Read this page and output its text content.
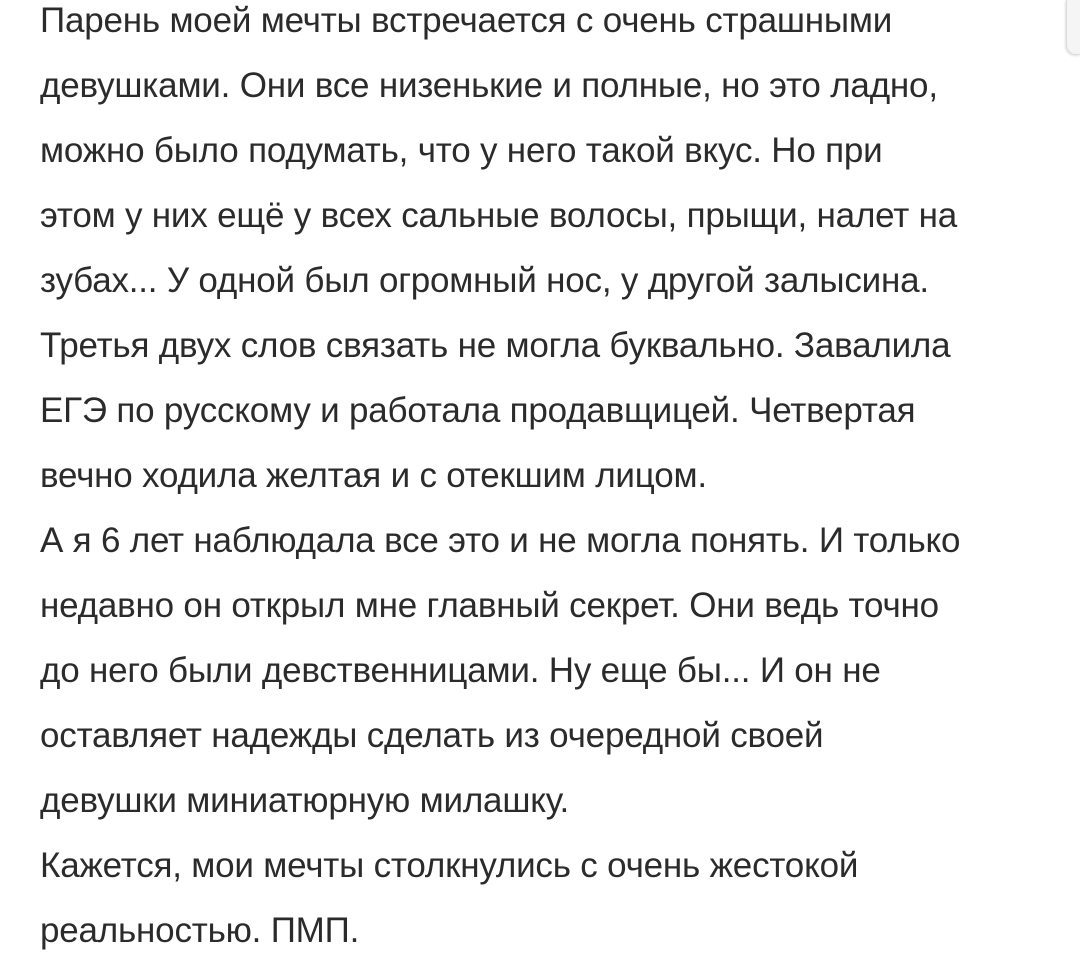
Парень моей мечты встречается с очень страшными
девушками. Они все низенькие и полные, но это ладно,
можно было подумать, что у него такой вкус. Но при
этом у них ещё у всех сальные волосы, прыщи, налет на
зубах... У одной был огромный нос, у другой залысина.
Третья двух слов связать не могла буквально. Завалила
ЕГЭ по русскому и работала продавщицей. Четвертая
вечно ходила желтая и с отекшим лицом.
А я 6 лет наблюдала все это и не могла понять. И только
недавно он открыл мне главный секрет. Они ведь точно
до него были девственницами. Ну еще бы... И он не
оставляет надежды сделать из очередной своей
девушки миниатюрную милашку.
Кажется, мои мечты столкнулись с очень жестокой
реальностью. ПМП.
